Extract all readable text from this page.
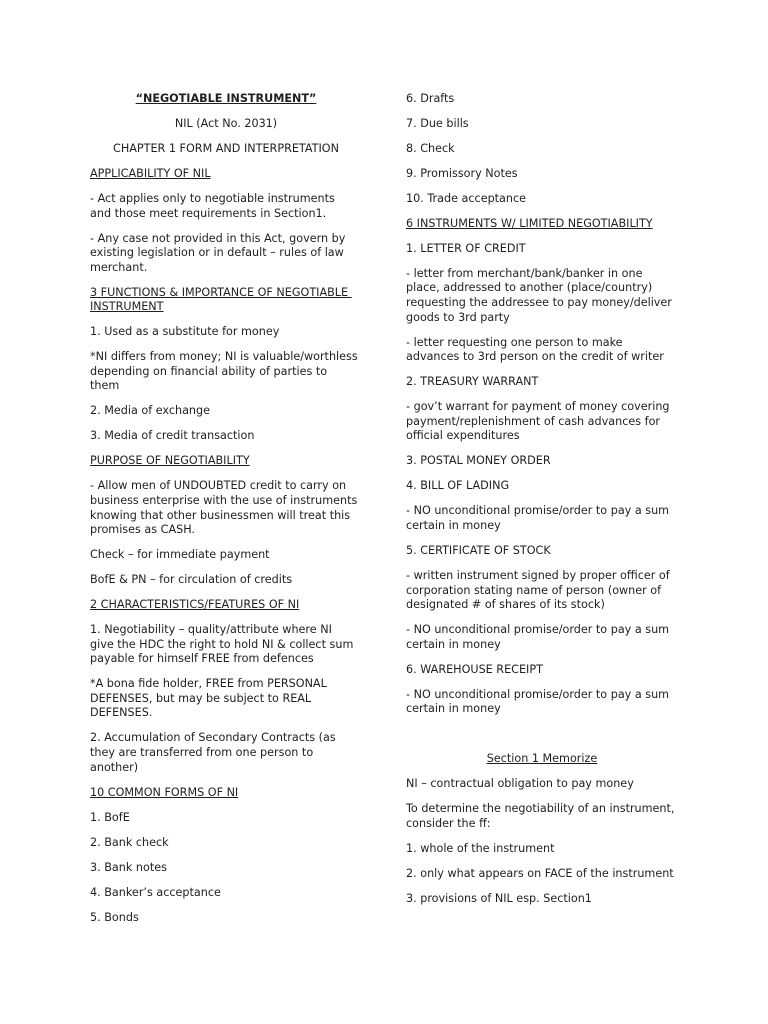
“NEGOTIABLE INSTRUMENT”

NIL (Act No. 2031)

CHAPTER 1 FORM AND INTERPRETATION

APPLICABILITY OF NIL

- Act applies only to negotiable instruments
and those meet requirements in Section1.

- Any case not provided in this Act, govern by
existing legislation or in default – rules of law
merchant.

3 FUNCTIONS & IMPORTANCE OF NEGOTIABLE
INSTRUMENT

1. Used as a substitute for money

*NI differs from money; NI is valuable/worthless
depending on financial ability of parties to
them

2. Media of exchange

3. Media of credit transaction

PURPOSE OF NEGOTIABILITY

- Allow men of UNDOUBTED credit to carry on
business enterprise with the use of instruments
knowing that other businessmen will treat this
promises as CASH.

Check – for immediate payment

BofE & PN – for circulation of credits

2 CHARACTERISTICS/FEATURES OF NI

1. Negotiability – quality/attribute where NI
give the HDC the right to hold NI & collect sum
payable for himself FREE from defences

*A bona fide holder, FREE from PERSONAL
DEFENSES, but may be subject to REAL
DEFENSES.

2. Accumulation of Secondary Contracts (as
they are transferred from one person to
another)

10 COMMON FORMS OF NI

1. BofE

2. Bank check

3. Bank notes

4. Banker’s acceptance

5. Bonds

6. Drafts

7. Due bills

8. Check

9. Promissory Notes

10. Trade acceptance

6 INSTRUMENTS W/ LIMITED NEGOTIABILITY

1. LETTER OF CREDIT

- letter from merchant/bank/banker in one
place, addressed to another (place/country)
requesting the addressee to pay money/deliver
goods to 3rd party

- letter requesting one person to make
advances to 3rd person on the credit of writer

2. TREASURY WARRANT

- gov’t warrant for payment of money covering
payment/replenishment of cash advances for
official expenditures

3. POSTAL MONEY ORDER

4. BILL OF LADING

- NO unconditional promise/order to pay a sum
certain in money

5. CERTIFICATE OF STOCK

- written instrument signed by proper officer of
corporation stating name of person (owner of
designated # of shares of its stock)

- NO unconditional promise/order to pay a sum
certain in money

6. WAREHOUSE RECEIPT

- NO unconditional promise/order to pay a sum
certain in money

Section 1 Memorize

NI – contractual obligation to pay money

To determine the negotiability of an instrument,
consider the ff:

1. whole of the instrument

2. only what appears on FACE of the instrument

3. provisions of NIL esp. Section1
